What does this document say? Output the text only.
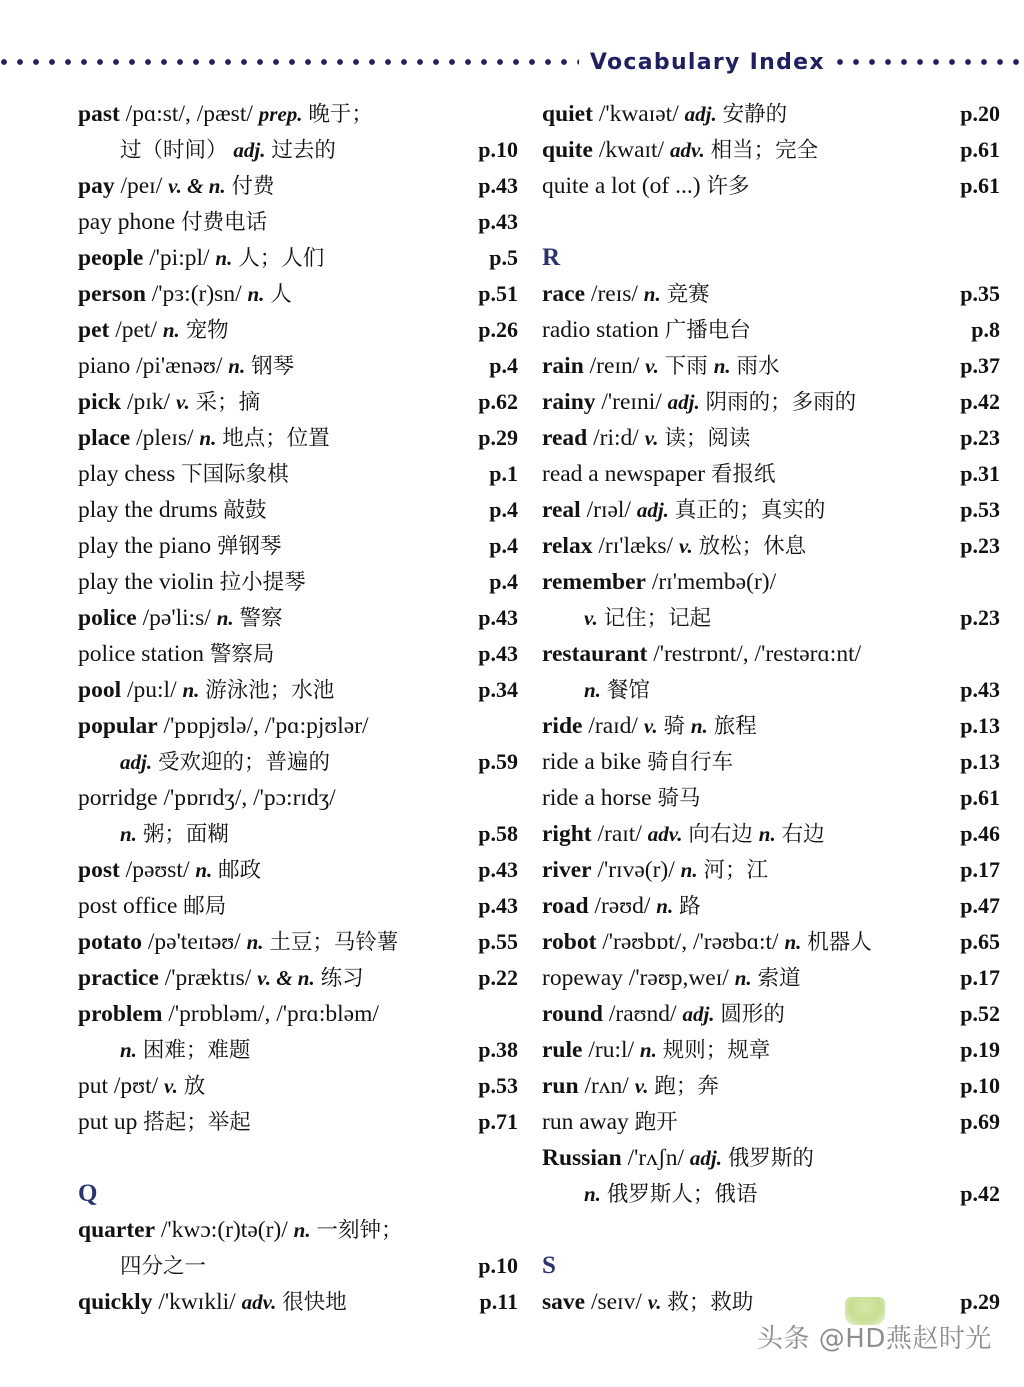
Vocabulary Index
past /pɑ:st/, /pæst/ prep. 晚于；
过（时间） adj. 过去的	p.10
pay /peɪ/ v. & n. 付费	p.43
pay phone 付费电话	p.43
people /'pi:pl/ n. 人；人们	p.5
person /'pɜ:(r)sn/ n. 人	p.51
pet /pet/ n. 宠物	p.26
piano /pi'ænəʊ/ n. 钢琴	p.4
pick /pɪk/ v. 采；摘	p.62
place /pleɪs/ n. 地点；位置	p.29
play chess 下国际象棋	p.1
play the drums 敲鼓	p.4
play the piano 弹钢琴	p.4
play the violin 拉小提琴	p.4
police /pə'li:s/ n. 警察	p.43
police station 警察局	p.43
pool /pu:l/ n. 游泳池；水池	p.34
popular /'pɒpjʊlə/, /'pɑ:pjʊlər/
adj. 受欢迎的；普遍的	p.59
porridge /'pɒrɪdʒ/, /'pɔ:rɪdʒ/
n. 粥；面糊	p.58
post /pəʊst/ n. 邮政	p.43
post office 邮局	p.43
potato /pə'teɪtəʊ/ n. 土豆；马铃薯	p.55
practice /'præktɪs/ v. & n. 练习	p.22
problem /'prɒbləm/, /'prɑ:bləm/
n. 困难；难题	p.38
put /pʊt/ v. 放	p.53
put up 搭起；举起	p.71
Q
quarter /'kwɔ:(r)tə(r)/ n. 一刻钟；
四分之一	p.10
quickly /'kwɪkli/ adv. 很快地	p.11
quiet /'kwaɪət/ adj. 安静的	p.20
quite /kwaɪt/ adv. 相当；完全	p.61
quite a lot (of ...) 许多	p.61
R
race /reɪs/ n. 竞赛	p.35
radio station 广播电台	p.8
rain /reɪn/ v. 下雨 n. 雨水	p.37
rainy /'reɪni/ adj. 阴雨的；多雨的	p.42
read /ri:d/ v. 读；阅读	p.23
read a newspaper 看报纸	p.31
real /rɪəl/ adj. 真正的；真实的	p.53
relax /rɪ'læks/ v. 放松；休息	p.23
remember /rɪ'membə(r)/
v. 记住；记起	p.23
restaurant /'restrɒnt/, /'restərɑ:nt/
n. 餐馆	p.43
ride /raɪd/ v. 骑 n. 旅程	p.13
ride a bike 骑自行车	p.13
ride a horse 骑马	p.61
right /raɪt/ adv. 向右边 n. 右边	p.46
river /'rɪvə(r)/ n. 河；江	p.17
road /rəʊd/ n. 路	p.47
robot /'rəʊbɒt/, /'rəʊbɑ:t/ n. 机器人	p.65
ropeway /'rəʊp,weɪ/ n. 索道	p.17
round /raʊnd/ adj. 圆形的	p.52
rule /ru:l/ n. 规则；规章	p.19
run /rʌn/ v. 跑；奔	p.10
run away 跑开	p.69
Russian /'rʌʃn/ adj. 俄罗斯的
n. 俄罗斯人；俄语	p.42
S
save /seɪv/ v. 救；救助	p.29
头条 @HD燕赵时光
